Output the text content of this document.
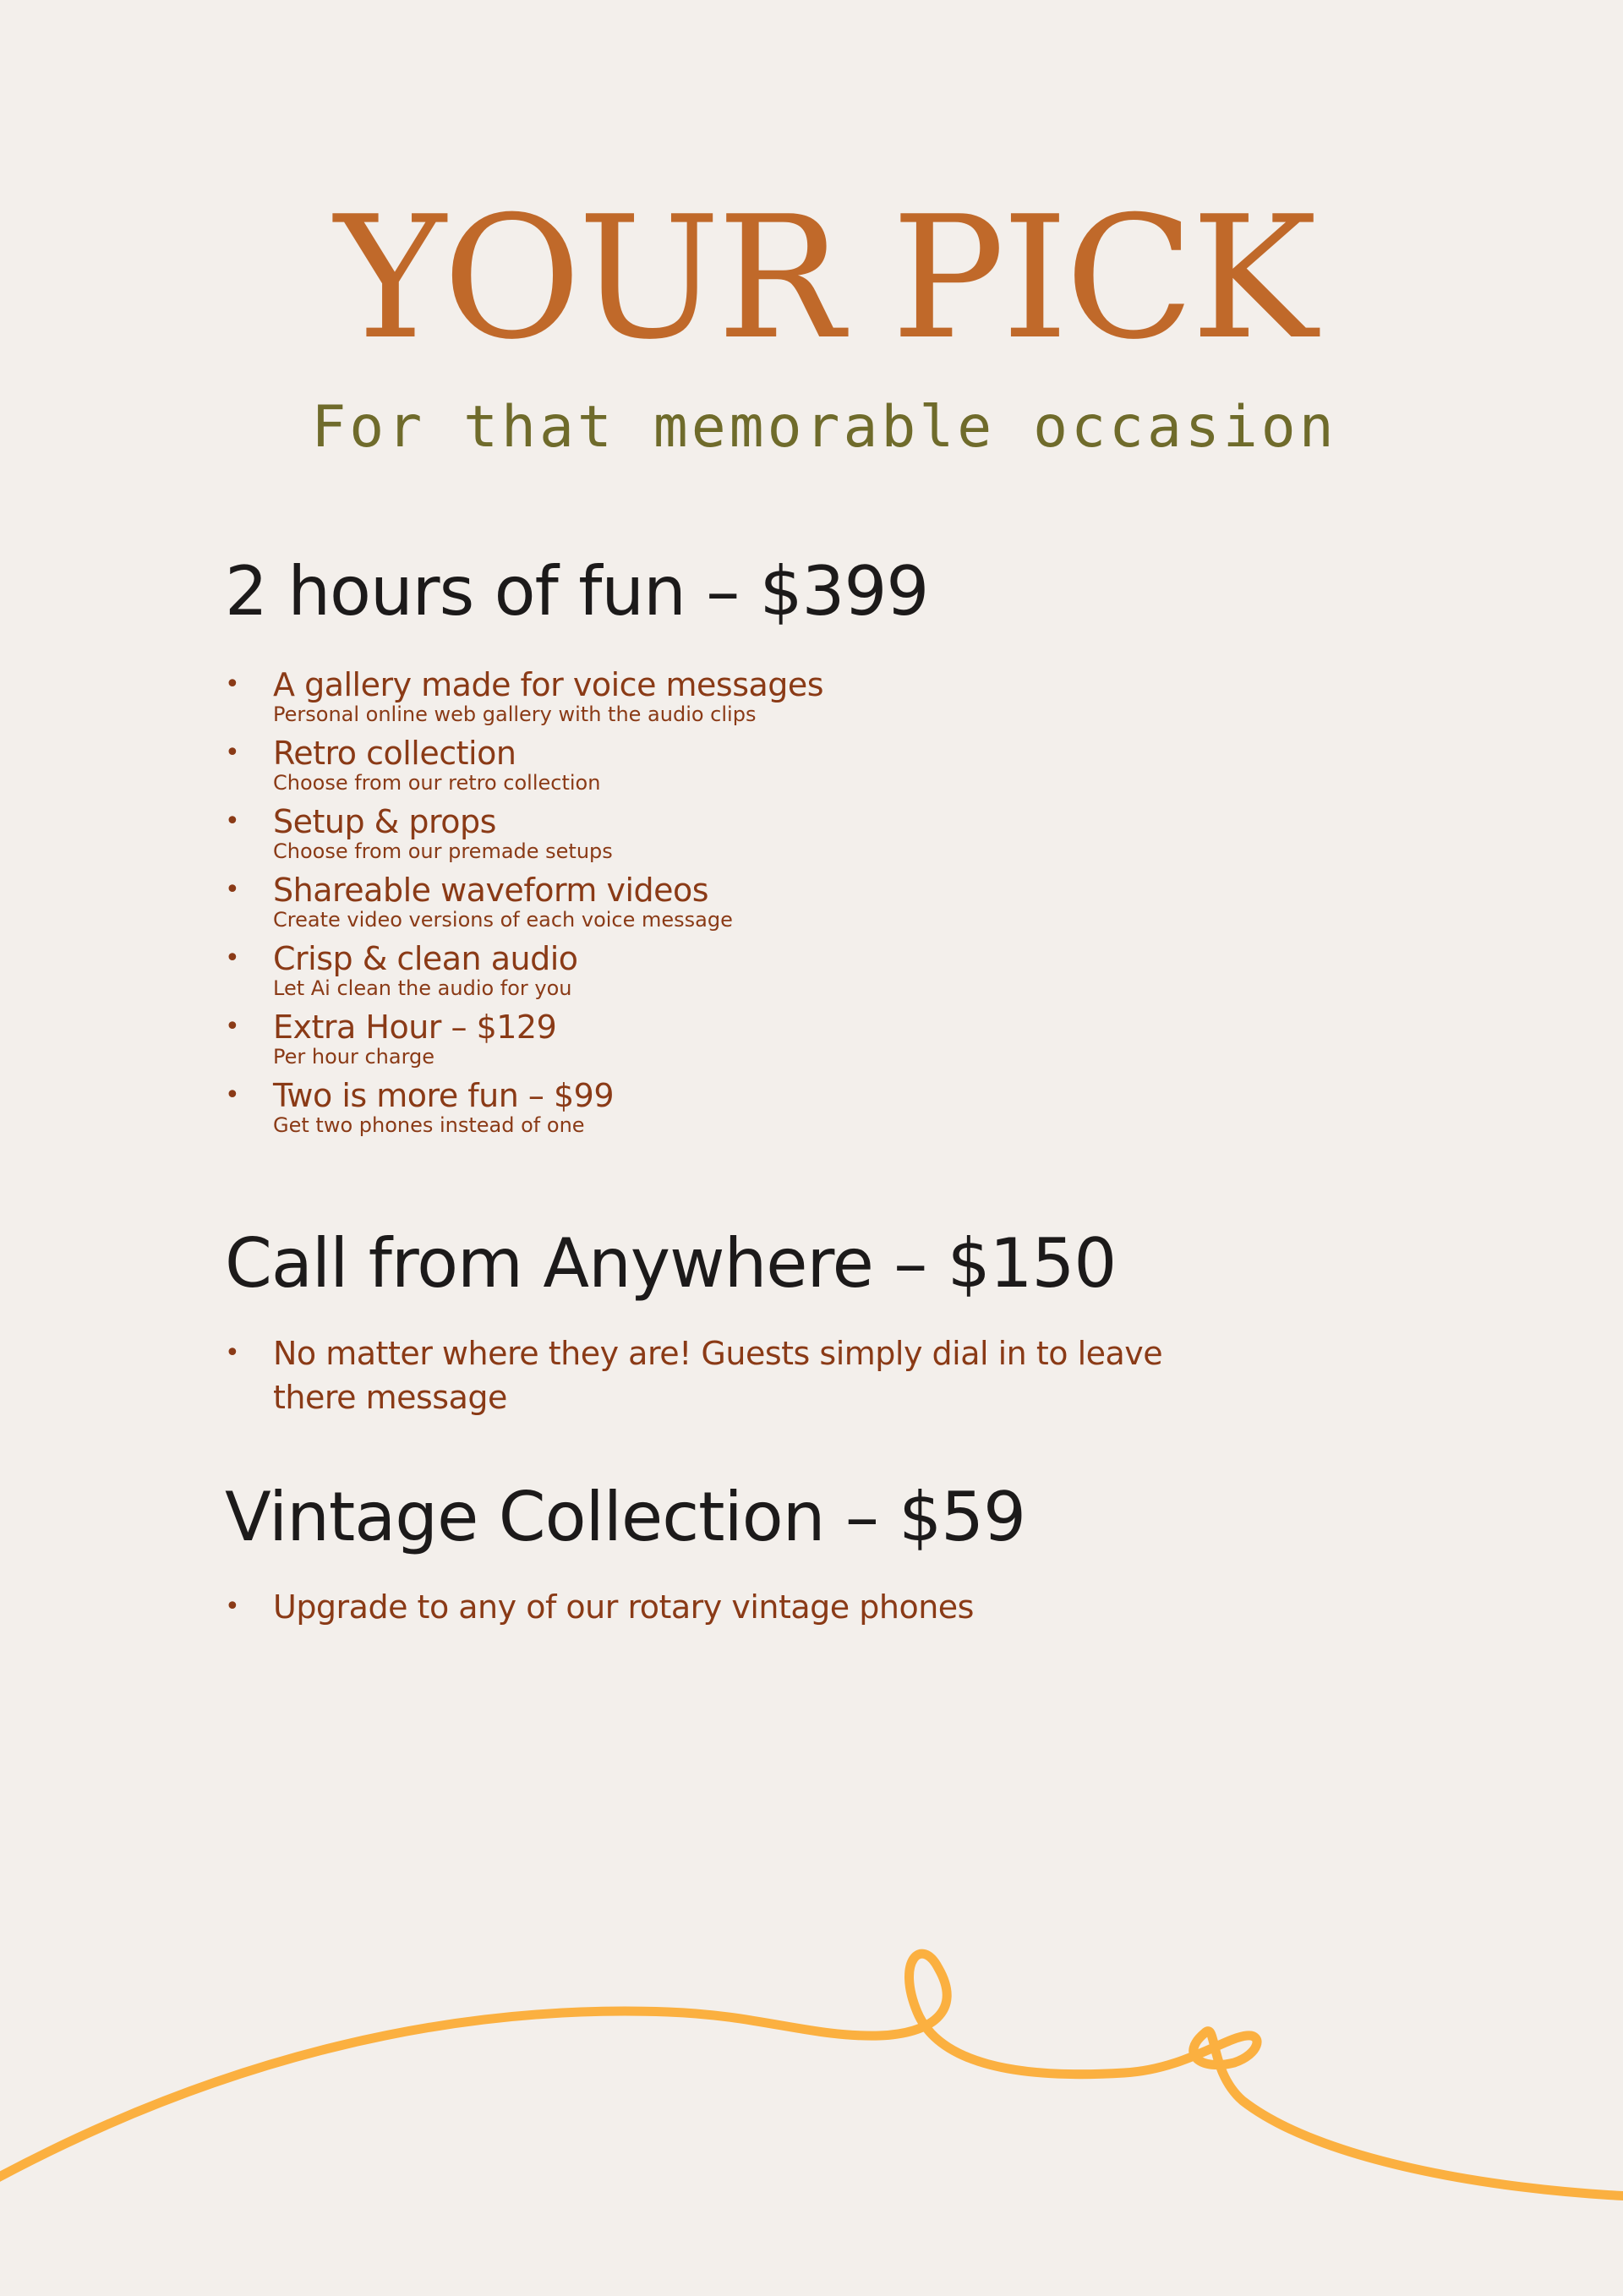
YOUR PICK
For that memorable occasion
2 hours of fun – $399
• A gallery made for voice messages
Personal online web gallery with the audio clips
• Retro collection
Choose from our retro collection
• Setup & props
Choose from our premade setups
• Shareable waveform videos
Create video versions of each voice message
• Crisp & clean audio
Let Ai clean the audio for you
• Extra Hour – $129
Per hour charge
• Two is more fun – $99
Get two phones instead of one
Call from Anywhere – $150
• No matter where they are! Guests simply dial in to leave there message
Vintage Collection – $59
• Upgrade to any of our rotary vintage phones
